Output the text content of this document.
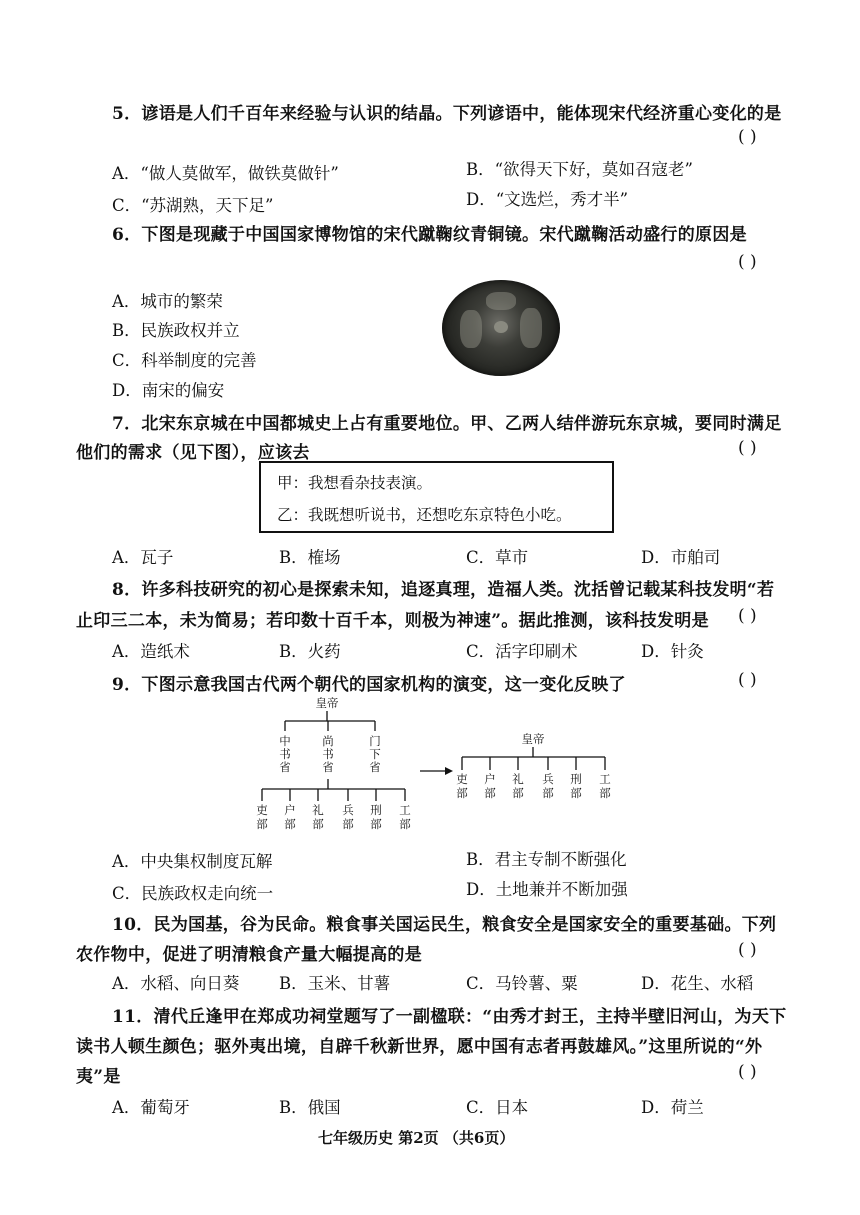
5．谚语是人们千百年来经验与认识的结晶。下列谚语中，能体现宋代经济重心变化的是
( )
A．“做人莫做军，做铁莫做针”	B．“欲得天下好，莫如召寇老”
C．“苏湖熟，天下足”	D．“文选烂，秀才半”
6．下图是现藏于中国国家博物馆的宋代蹴鞠纹青铜镜。宋代蹴鞠活动盛行的原因是
( )
A．城市的繁荣
B．民族政权并立
C．科举制度的完善
D．南宋的偏安
7．北宋东京城在中国都城史上占有重要地位。甲、乙两人结伴游玩东京城，要同时满足
他们的需求（见下图），应该去	( )
甲：我想看杂技表演。
乙：我既想听说书，还想吃东京特色小吃。
A．瓦子	B．榷场	C．草市	D．市舶司
8．许多科技研究的初心是探索未知，追逐真理，造福人类。沈括曾记载某科技发明“若
止印三二本，未为简易；若印数十百千本，则极为神速”。据此推测，该科技发明是 ( )
A．造纸术	B．火药	C．活字印刷术	D．针灸
9．下图示意我国古代两个朝代的国家机构的演变，这一变化反映了	( )
皇帝
中书省
尚书省
门下省
吏部
户部
礼部
兵部
刑部
工部
皇帝
吏部
户部
礼部
兵部
刑部
工部
A．中央集权制度瓦解	B．君主专制不断强化
C．民族政权走向统一	D．土地兼并不断加强
10．民为国基，谷为民命。粮食事关国运民生，粮食安全是国家安全的重要基础。下列
农作物中，促进了明清粮食产量大幅提高的是	( )
A．水稻、向日葵 B．玉米、甘薯	C．马铃薯、粟	D．花生、水稻
11．清代丘逢甲在郑成功祠堂题写了一副楹联：“由秀才封王，主持半壁旧河山，为天下
读书人顿生颜色；驱外夷出境，自辟千秋新世界，愿中国有志者再鼓雄风。”这里所说的“外
夷”是	( )
A．葡萄牙	B．俄国	C．日本	D．荷兰
七年级历史 第2页 （共6页）
